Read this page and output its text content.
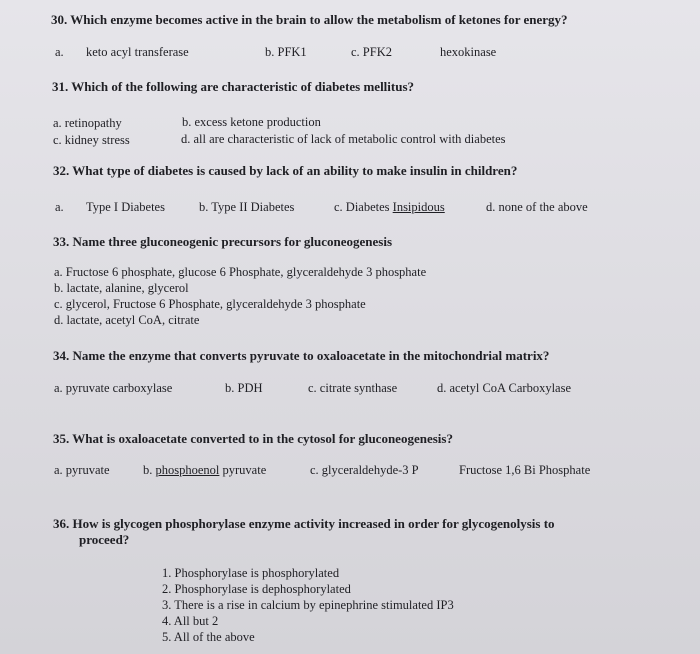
30. Which enzyme becomes active in the brain to allow the metabolism of ketones for energy?
a. keto acyl transferase	b. PFK1	c. PFK2	hexokinase
31. Which of the following are characteristic of diabetes mellitus?
a. retinopathy	b. excess ketone production
c. kidney stress	d. all are characteristic of lack of metabolic control with diabetes
32. What type of diabetes is caused by lack of an ability to make insulin in children?
a. Type I Diabetes	b. Type II Diabetes	c. Diabetes Insipidous	d. none of the above
33. Name three gluconeogenic precursors for gluconeogenesis
a. Fructose 6 phosphate, glucose 6 Phosphate, glyceraldehyde 3 phosphate
b. lactate, alanine, glycerol
c. glycerol, Fructose 6 Phosphate, glyceraldehyde 3 phosphate
d. lactate, acetyl CoA, citrate
34. Name the enzyme that converts pyruvate to oxaloacetate in the mitochondrial matrix?
a. pyruvate carboxylase	b. PDH	c. citrate synthase	d. acetyl CoA Carboxylase
35. What is oxaloacetate converted to in the cytosol for gluconeogenesis?
a. pyruvate	b. phosphoenol pyruvate	c. glyceraldehyde-3 P	Fructose 1,6 Bi Phosphate
36. How is glycogen phosphorylase enzyme activity increased in order for glycogenolysis to
proceed?
1. Phosphorylase is phosphorylated
2. Phosphorylase is dephosphorylated
3. There is a rise in calcium by epinephrine stimulated IP3
4. All but 2
5. All of the above
